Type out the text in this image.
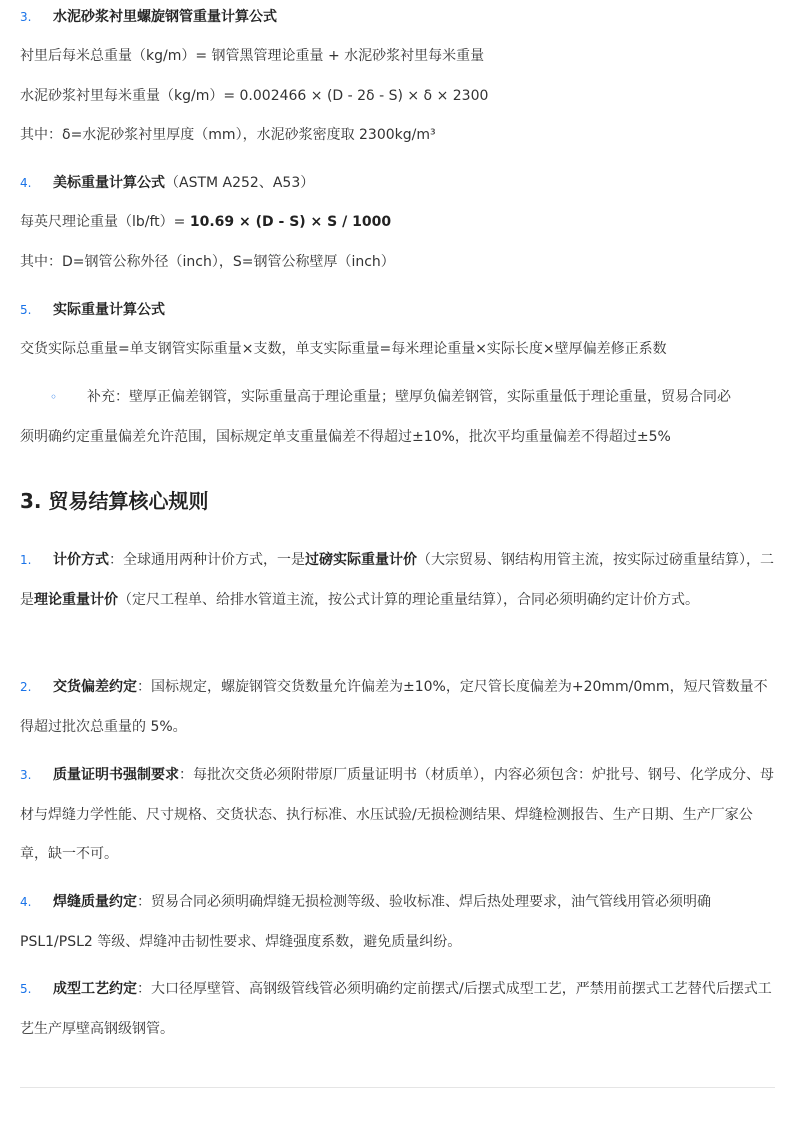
3. 水泥砂浆衬里螺旋钢管重量计算公式

衬里后每米总重量（kg/m）= 钢管黑管理论重量 + 水泥砂浆衬里每米重量

水泥砂浆衬里每米重量（kg/m）= 0.002466 × (D - 2δ - S) × δ × 2300

其中：δ=水泥砂浆衬里厚度（mm），水泥砂浆密度取 2300kg/m³

4. 美标重量计算公式（ASTM A252、A53）

每英尺理论重量（lb/ft）= 10.69 × (D - S) × S / 1000

其中：D=钢管公称外径（inch），S=钢管公称壁厚（inch）

5. 实际重量计算公式

交货实际总重量=单支钢管实际重量×支数，单支实际重量=每米理论重量×实际长度×壁厚偏差修正系数

◦ 补充：壁厚正偏差钢管，实际重量高于理论重量；壁厚负偏差钢管，实际重量低于理论重量，贸易合同必
须明确约定重量偏差允许范围，国标规定单支重量偏差不得超过±10%，批次平均重量偏差不得超过±5%
3. 贸易结算核心规则
1. 计价方式：全球通用两种计价方式，一是过磅实际重量计价（大宗贸易、钢结构用管主流，按实际过磅重量结算），二是理论重量计价（定尺工程单、给排水管道主流，按公式计算的理论重量结算），合同必须明确约定计价方式。
2. 交货偏差约定：国标规定，螺旋钢管交货数量允许偏差为±10%，定尺管长度偏差为+20mm/0mm，短尺管数量不得超过批次总重量的 5%。
3. 质量证明书强制要求：每批次交货必须附带原厂质量证明书（材质单），内容必须包含：炉批号、钢号、化学成分、母材与焊缝力学性能、尺寸规格、交货状态、执行标准、水压试验/无损检测结果、焊缝检测报告、生产日期、生产厂家公章，缺一不可。
4. 焊缝质量约定：贸易合同必须明确焊缝无损检测等级、验收标准、焊后热处理要求，油气管线用管必须明确 PSL1/PSL2 等级、焊缝冲击韧性要求、焊缝强度系数，避免质量纠纷。
5. 成型工艺约定：大口径厚壁管、高钢级管线管必须明确约定前摆式/后摆式成型工艺，严禁用前摆式工艺替代后摆式工艺生产厚壁高钢级钢管。
